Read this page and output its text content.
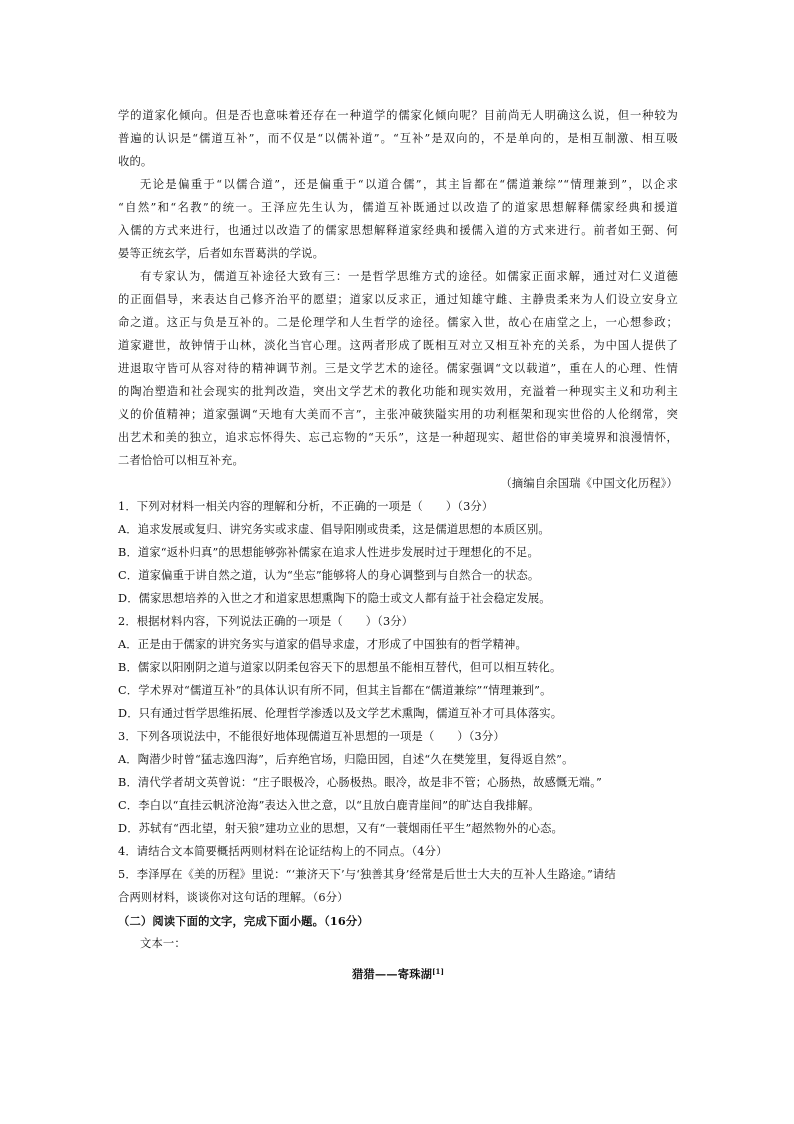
学的道家化倾向。但是否也意味着还存在一种道学的儒家化倾向呢？目前尚无人明确这么说，但一种较为
普遍的认识是“儒道互补”，而不仅是“以儒补道”。“互补”是双向的，不是单向的，是相互制激、相互吸
收的。
无论是偏重于“以儒合道”，还是偏重于“以道合儒”，其主旨都在“儒道兼综”“情理兼到”，以企求
“自然”和“名教”的统一。王泽应先生认为，儒道互补既通过以改造了的道家思想解释儒家经典和援道
入儒的方式来进行，也通过以改造了的儒家思想解释道家经典和援儒入道的方式来进行。前者如王弼、何
晏等正统玄学，后者如东晋葛洪的学说。
有专家认为，儒道互补途径大致有三：一是哲学思维方式的途径。如儒家正面求解，通过对仁义道德
的正面倡导，来表达自己修齐治平的愿望；道家以反求正，通过知雄守雌、主静贵柔来为人们设立安身立
命之道。这正与负是互补的。二是伦理学和人生哲学的途径。儒家入世，故心在庙堂之上，一心想参政；
道家避世，故钟情于山林，淡化当官心理。这两者形成了既相互对立又相互补充的关系，为中国人提供了
进退取守皆可从容对待的精神调节剂。三是文学艺术的途径。儒家强调“文以载道”，重在人的心理、性情
的陶冶塑造和社会现实的批判改造，突出文学艺术的教化功能和现实效用，充溢着一种现实主义和功利主
义的价值精神；道家强调“天地有大美而不言”，主张冲破狭隘实用的功利框架和现实世俗的人伦纲常，突
出艺术和美的独立，追求忘怀得失、忘己忘物的“天乐”，这是一种超现实、超世俗的审美境界和浪漫情怀，
二者恰恰可以相互补充。
（摘编自余国瑞《中国文化历程》）
1．下列对材料一相关内容的理解和分析，不正确的一项是（　　）（3分）
A．追求发展或复归、讲究务实或求虚、倡导阳刚或贵柔，这是儒道思想的本质区别。
B．道家“返朴归真”的思想能够弥补儒家在追求人性进步发展时过于理想化的不足。
C．道家偏重于讲自然之道，认为“坐忘”能够将人的身心调整到与自然合一的状态。
D．儒家思想培养的入世之才和道家思想熏陶下的隐士或文人都有益于社会稳定发展。
2．根据材料内容，下列说法正确的一项是（　　）（3分）
A．正是由于儒家的讲究务实与道家的倡导求虚，才形成了中国独有的哲学精神。
B．儒家以阳刚阴之道与道家以阴柔包容天下的思想虽不能相互替代，但可以相互转化。
C．学术界对“儒道互补”的具体认识有所不同，但其主旨都在“儒道兼综”“情理兼到”。
D．只有通过哲学思维拓展、伦理哲学渗透以及文学艺术熏陶，儒道互补才可具体落实。
3．下列各项说法中，不能很好地体现儒道互补思想的一项是（　　）（3分）
A．陶潜少时曾“猛志逸四海”，后弃绝官场，归隐田园，自述“久在樊笼里，复得返自然”。
B．清代学者胡文英曾说：“庄子眼极冷，心肠极热。眼冷，故是非不管；心肠热，故感慨无端。”
C．李白以“直挂云帆济沧海”表达入世之意，以“且放白鹿青崖间”的旷达自我排解。
D．苏轼有“西北望，射天狼”建功立业的思想，又有“一蓑烟雨任平生”超然物外的心态。
4．请结合文本简要概括两则材料在论证结构上的不同点。（4分）
5．李泽厚在《美的历程》里说：“‘兼济天下’与‘独善其身’经常是后世士大夫的互补人生路途。”请结
合两则材料，谈谈你对这句话的理解。（6分）
（二）阅读下面的文字，完成下面小题。（16分）
文本一：
猎猎——寄珠湖[1]
